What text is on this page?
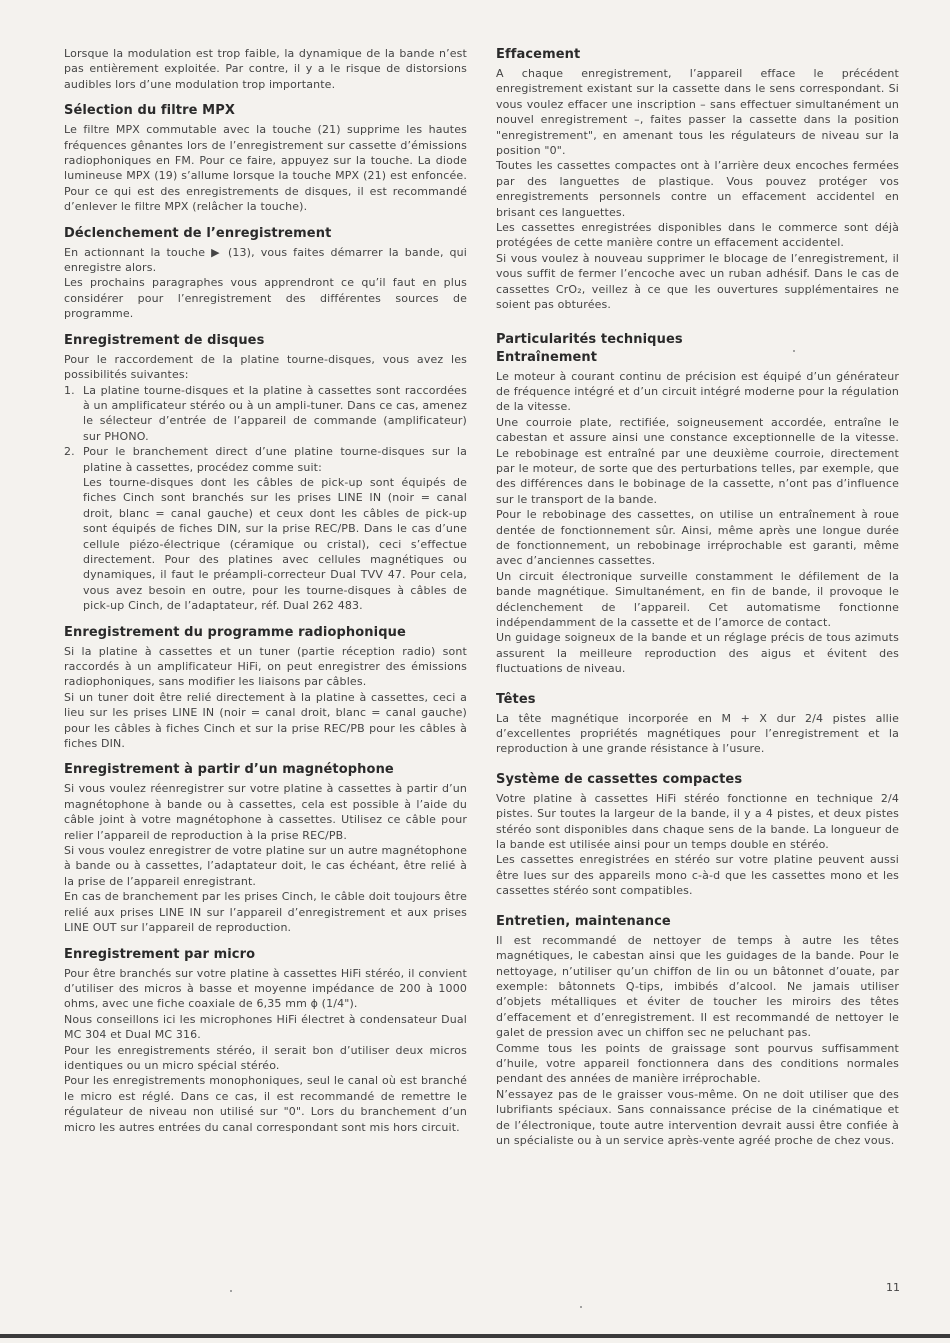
Lorsque la modulation est trop faible, la dynamique de la bande n’est pas entièrement exploitée. Par contre, il y a le risque de distorsions audibles lors d’une modulation trop importante.

Sélection du filtre MPX

Le filtre MPX commutable avec la touche (21) supprime les hautes fréquences gênantes lors de l’enregistrement sur cassette d’émissions radiophoniques en FM. Pour ce faire, appuyez sur la touche. La diode lumineuse MPX (19) s’allume lorsque la touche MPX (21) est enfoncée. Pour ce qui est des enregistrements de disques, il est recommandé d’enlever le filtre MPX (relâcher la touche).

Déclenchement de l’enregistrement

En actionnant la touche ▶ (13), vous faites démarrer la bande, qui enregistre alors.

Les prochains paragraphes vous apprendront ce qu’il faut en plus considérer pour l’enregistrement des différentes sources de programme.

Enregistrement de disques

Pour le raccordement de la platine tourne-disques, vous avez les possibilités suivantes:

1. La platine tourne-disques et la platine à cassettes sont raccordées à un amplificateur stéréo ou à un ampli-tuner. Dans ce cas, amenez le sélecteur d’entrée de l’appareil de commande (amplificateur) sur PHONO.

2. Pour le branchement direct d’une platine tourne-disques sur la platine à cassettes, procédez comme suit:

Les tourne-disques dont les câbles de pick-up sont équipés de fiches Cinch sont branchés sur les prises LINE IN (noir = canal droit, blanc = canal gauche) et ceux dont les câbles de pick-up sont équipés de fiches DIN, sur la prise REC/PB. Dans le cas d’une cellule piézo-électrique (céramique ou cristal), ceci s’effectue directement. Pour des platines avec cellules magnétiques ou dynamiques, il faut le préampli-correcteur Dual TVV 47. Pour cela, vous avez besoin en outre, pour les tourne-disques à câbles de pick-up Cinch, de l’adaptateur, réf. Dual 262 483.

Enregistrement du programme radiophonique

Si la platine à cassettes et un tuner (partie réception radio) sont raccordés à un amplificateur HiFi, on peut enregistrer des émissions radiophoniques, sans modifier les liaisons par câbles.

Si un tuner doit être relié directement à la platine à cassettes, ceci a lieu sur les prises LINE IN (noir = canal droit, blanc = canal gauche) pour les câbles à fiches Cinch et sur la prise REC/PB pour les câbles à fiches DIN.

Enregistrement à partir d’un magnétophone

Si vous voulez réenregistrer sur votre platine à cassettes à partir d’un magnétophone à bande ou à cassettes, cela est possible à l’aide du câble joint à votre magnétophone à cassettes. Utilisez ce câble pour relier l’appareil de reproduction à la prise REC/PB.

Si vous voulez enregistrer de votre platine sur un autre magnétophone à bande ou à cassettes, l’adaptateur doit, le cas échéant, être relié à la prise de l’appareil enregistrant.

En cas de branchement par les prises Cinch, le câble doit toujours être relié aux prises LINE IN sur l’appareil d’enregistrement et aux prises LINE OUT sur l’appareil de reproduction.

Enregistrement par micro

Pour être branchés sur votre platine à cassettes HiFi stéréo, il convient d’utiliser des micros à basse et moyenne impédance de 200 à 1000 ohms, avec une fiche coaxiale de 6,35 mm ϕ (1/4").

Nous conseillons ici les microphones HiFi électret à condensateur Dual MC 304 et Dual MC 316.

Pour les enregistrements stéréo, il serait bon d’utiliser deux micros identiques ou un micro spécial stéréo.

Pour les enregistrements monophoniques, seul le canal où est branché le micro est réglé. Dans ce cas, il est recommandé de remettre le régulateur de niveau non utilisé sur "0". Lors du branchement d’un micro les autres entrées du canal correspondant sont mis hors circuit.

Effacement

A chaque enregistrement, l’appareil efface le précédent enregistrement existant sur la cassette dans le sens correspondant. Si vous voulez effacer une inscription – sans effectuer simultanément un nouvel enregistrement –, faites passer la cassette dans la position "enregistrement", en amenant tous les régulateurs de niveau sur la position "0".

Toutes les cassettes compactes ont à l’arrière deux encoches fermées par des languettes de plastique. Vous pouvez protéger vos enregistrements personnels contre un effacement accidentel en brisant ces languettes.

Les cassettes enregistrées disponibles dans le commerce sont déjà protégées de cette manière contre un effacement accidentel.

Si vous voulez à nouveau supprimer le blocage de l’enregistrement, il vous suffit de fermer l’encoche avec un ruban adhésif. Dans le cas de cassettes CrO₂, veillez à ce que les ouvertures supplémentaires ne soient pas obturées.

Particularités techniques
Entraînement

Le moteur à courant continu de précision est équipé d’un générateur de fréquence intégré et d’un circuit intégré moderne pour la régulation de la vitesse.

Une courroie plate, rectifiée, soigneusement accordée, entraîne le cabestan et assure ainsi une constance exceptionnelle de la vitesse. Le rebobinage est entraîné par une deuxième courroie, directement par le moteur, de sorte que des perturbations telles, par exemple, que des différences dans le bobinage de la cassette, n’ont pas d’influence sur le transport de la bande.

Pour le rebobinage des cassettes, on utilise un entraînement à roue dentée de fonctionnement sûr. Ainsi, même après une longue durée de fonctionnement, un rebobinage irréprochable est garanti, même avec d’anciennes cassettes.

Un circuit électronique surveille constamment le défilement de la bande magnétique. Simultanément, en fin de bande, il provoque le déclenchement de l’appareil. Cet automatisme fonctionne indépendamment de la cassette et de l’amorce de contact.

Un guidage soigneux de la bande et un réglage précis de tous azimuts assurent la meilleure reproduction des aigus et évitent des fluctuations de niveau.

Têtes

La tête magnétique incorporée en M + X dur 2/4 pistes allie d’excellentes propriétés magnétiques pour l’enregistrement et la reproduction à une grande résistance à l’usure.

Système de cassettes compactes

Votre platine à cassettes HiFi stéréo fonctionne en technique 2/4 pistes. Sur toutes la largeur de la bande, il y a 4 pistes, et deux pistes stéréo sont disponibles dans chaque sens de la bande. La longueur de la bande est utilisée ainsi pour un temps double en stéréo.

Les cassettes enregistrées en stéréo sur votre platine peuvent aussi être lues sur des appareils mono c-à-d que les cassettes mono et les cassettes stéréo sont compatibles.

Entretien, maintenance

Il est recommandé de nettoyer de temps à autre les têtes magnétiques, le cabestan ainsi que les guidages de la bande. Pour le nettoyage, n’utiliser qu’un chiffon de lin ou un bâtonnet d’ouate, par exemple: bâtonnets Q-tips, imbibés d’alcool. Ne jamais utiliser d’objets métalliques et éviter de toucher les miroirs des têtes d’effacement et d’enregistrement. Il est recommandé de nettoyer le galet de pression avec un chiffon sec ne peluchant pas.

Comme tous les points de graissage sont pourvus suffisamment d’huile, votre appareil fonctionnera dans des conditions normales pendant des années de manière irréprochable.

N’essayez pas de le graisser vous-même. On ne doit utiliser que des lubrifiants spéciaux. Sans connaissance précise de la cinématique et de l’électronique, toute autre intervention devrait aussi être confiée à un spécialiste ou à un service après-vente agréé proche de chez vous.

11
